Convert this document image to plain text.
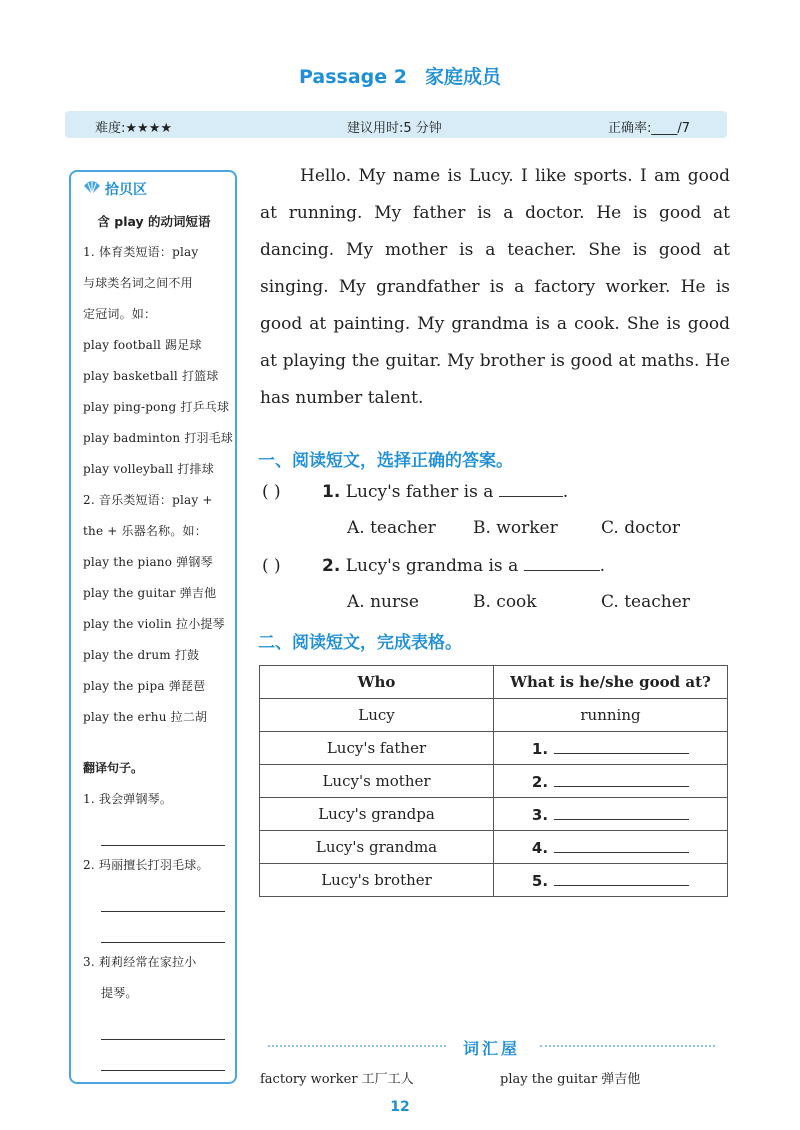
Passage 2 家庭成员
难度:★★★★	建议用时:5 分钟	正确率:____/7
拾贝区
含 play 的动词短语
1. 体育类短语：play
与球类名词之间不用
定冠词。如：
play football 踢足球
play basketball 打篮球
play ping-pong 打乒乓球
play badminton 打羽毛球
play volleyball 打排球
2. 音乐类短语：play +
the + 乐器名称。如：
play the piano 弹钢琴
play the guitar 弹吉他
play the violin 拉小提琴
play the drum 打鼓
play the pipa 弹琵琶
play the erhu 拉二胡
翻译句子。
1. 我会弹钢琴。
2. 玛丽擅长打羽毛球。
3. 莉莉经常在家拉小
提琴。

Hello. My name is Lucy. I like sports. I am good at running. My father is a doctor. He is good at dancing. My mother is a teacher. She is good at singing. My grandfather is a factory worker. He is good at painting. My grandma is a cook. She is good at playing the guitar. My brother is good at maths. He has number talent.

一、阅读短文，选择正确的答案。
( ) 1. Lucy's father is a	.
A. teacher B. worker	C. doctor
( ) 2. Lucy's grandma is a	.
A. nurse	B. cook	C. teacher
二、阅读短文，完成表格。
Who	What is he/she good at?
Lucy	running
Lucy's father	1.
Lucy's mother	2.
Lucy's grandpa	3.
Lucy's grandma	4.
Lucy's brother	5.
词汇屋
factory worker 工厂工人	play the guitar 弹吉他
12
